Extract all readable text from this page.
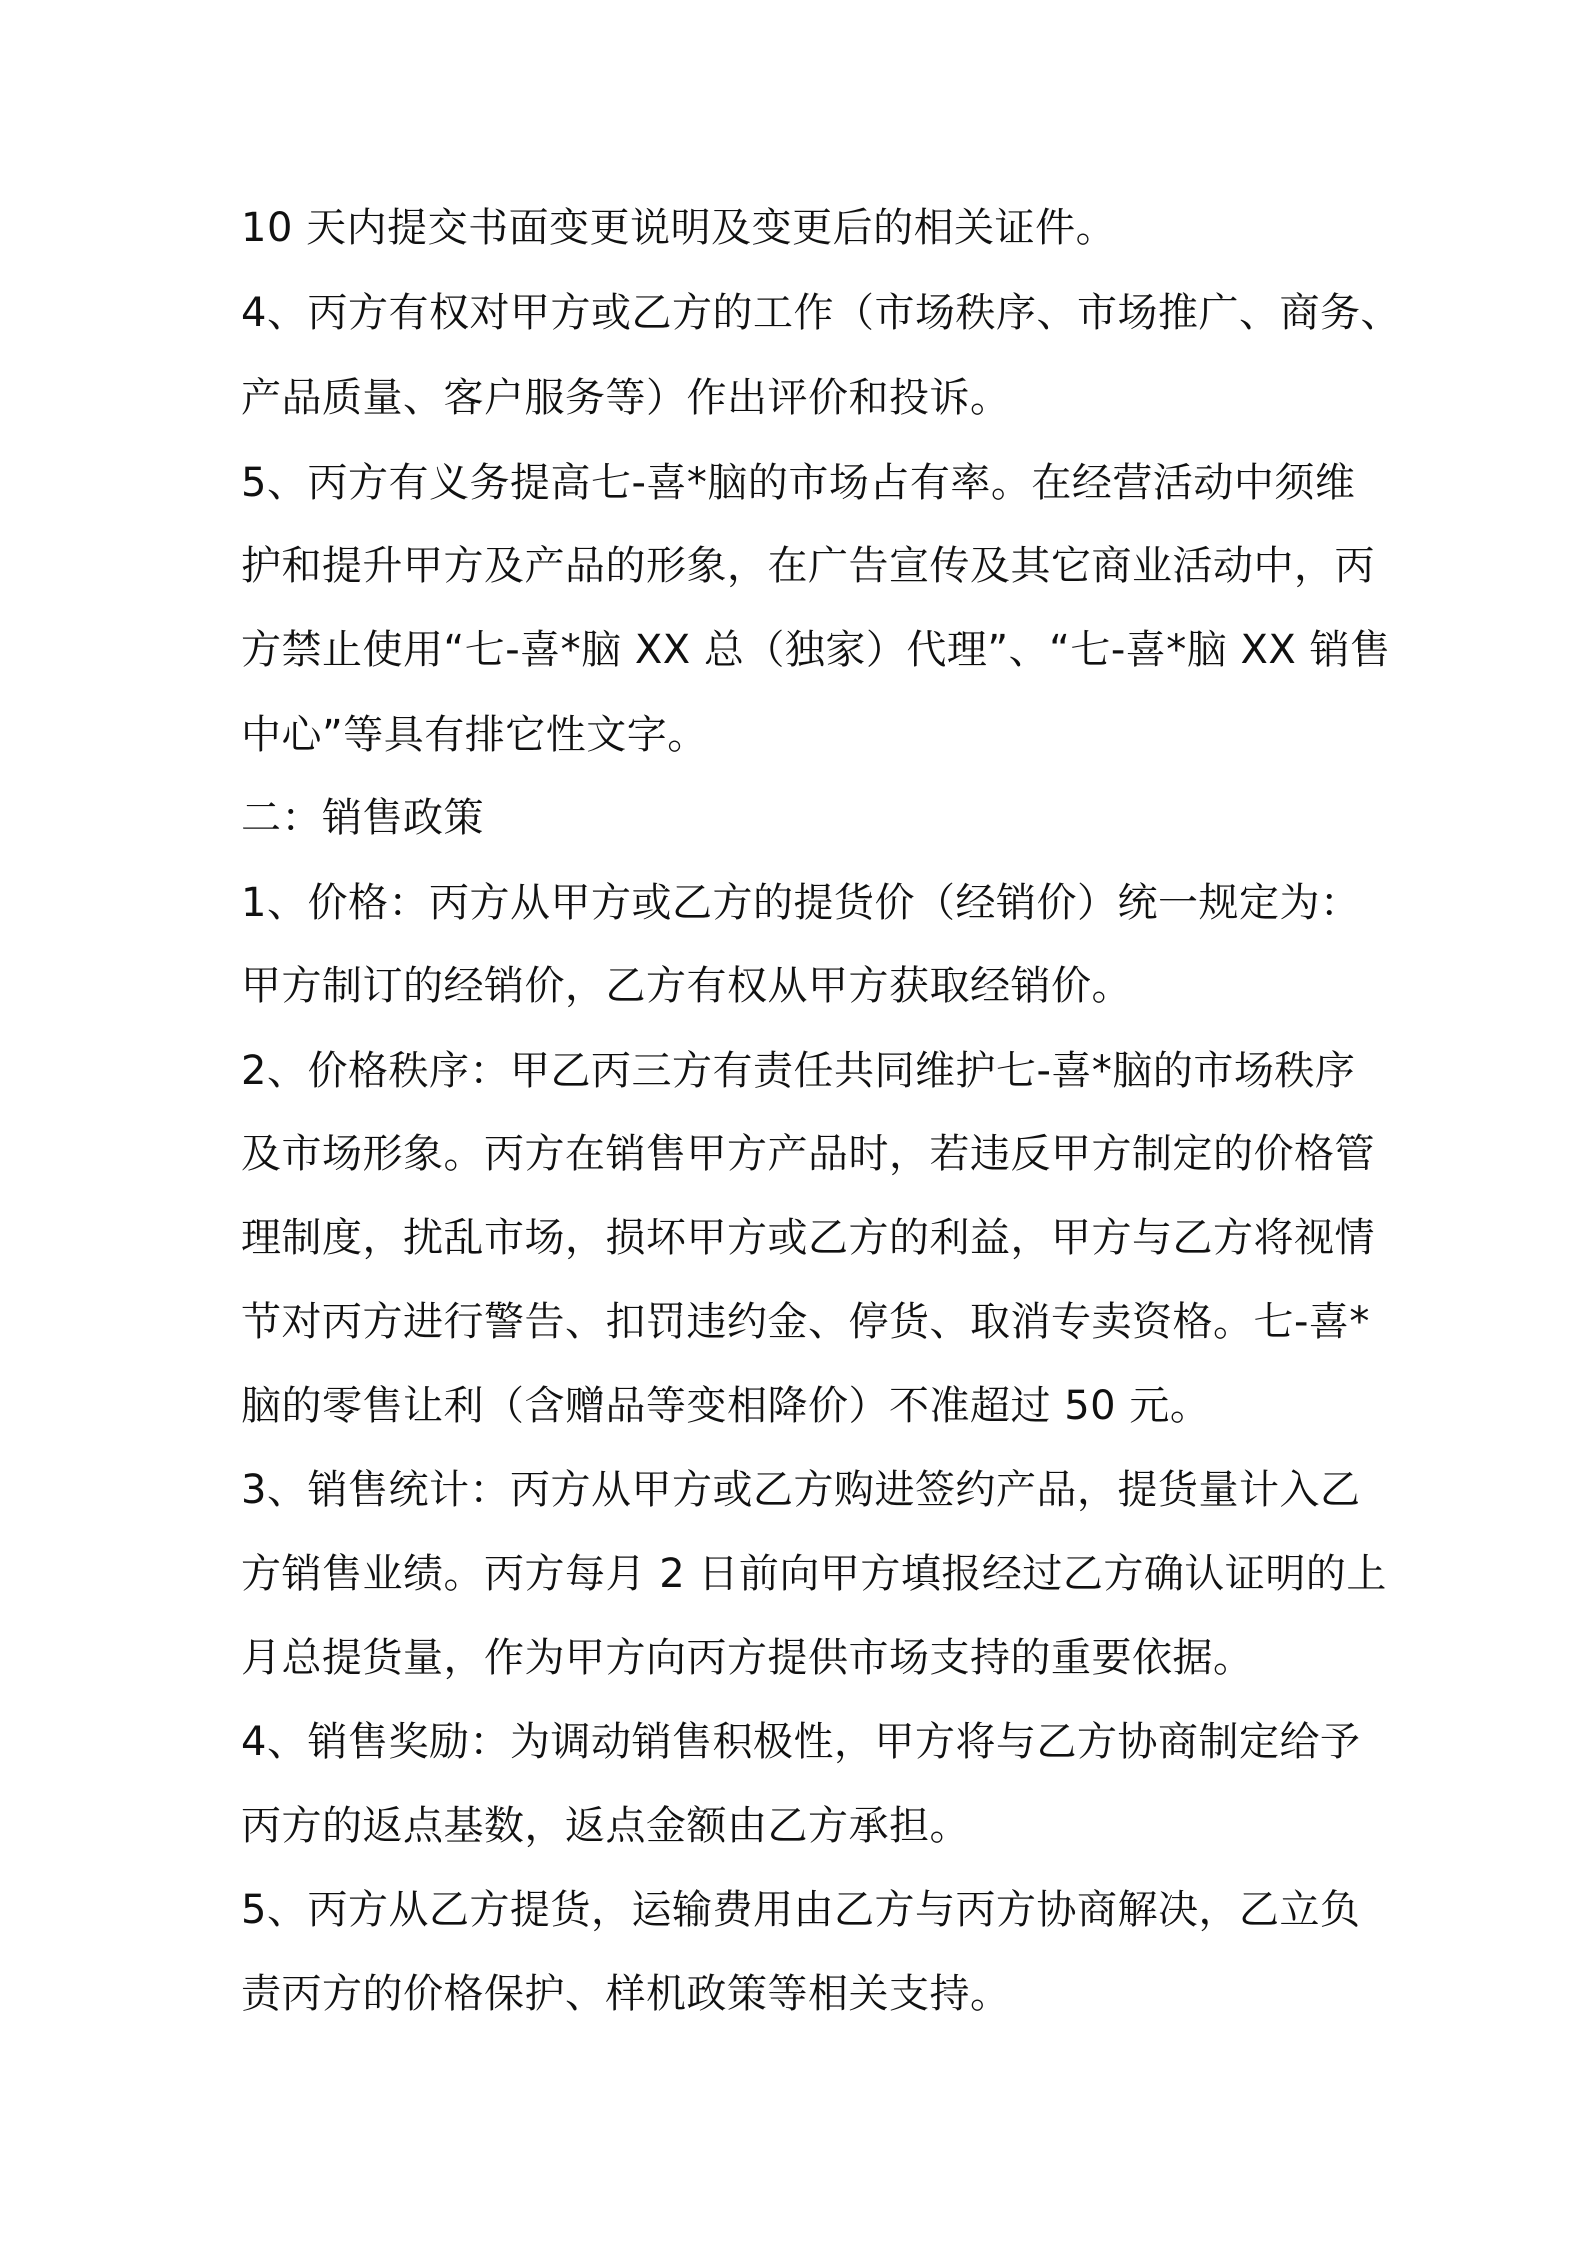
10 天内提交书面变更说明及变更后的相关证件。
4、丙方有权对甲方或乙方的工作（市场秩序、市场推广、商务、
产品质量、客户服务等）作出评价和投诉。
5、丙方有义务提高七-喜*脑的市场占有率。在经营活动中须维
护和提升甲方及产品的形象，在广告宣传及其它商业活动中，丙
方禁止使用“七-喜*脑 XX 总（独家）代理”、“七-喜*脑 XX 销售
中心”等具有排它性文字。
二：销售政策
1、价格：丙方从甲方或乙方的提货价（经销价）统一规定为：
甲方制订的经销价，乙方有权从甲方获取经销价。
2、价格秩序：甲乙丙三方有责任共同维护七-喜*脑的市场秩序
及市场形象。丙方在销售甲方产品时，若违反甲方制定的价格管
理制度，扰乱市场，损坏甲方或乙方的利益，甲方与乙方将视情
节对丙方进行警告、扣罚违约金、停货、取消专卖资格。七-喜*
脑的零售让利（含赠品等变相降价）不准超过 50 元。
3、销售统计：丙方从甲方或乙方购进签约产品，提货量计入乙
方销售业绩。丙方每月 2 日前向甲方填报经过乙方确认证明的上
月总提货量，作为甲方向丙方提供市场支持的重要依据。
4、销售奖励：为调动销售积极性，甲方将与乙方协商制定给予
丙方的返点基数，返点金额由乙方承担。
5、丙方从乙方提货，运输费用由乙方与丙方协商解决，乙立负
责丙方的价格保护、样机政策等相关支持。
